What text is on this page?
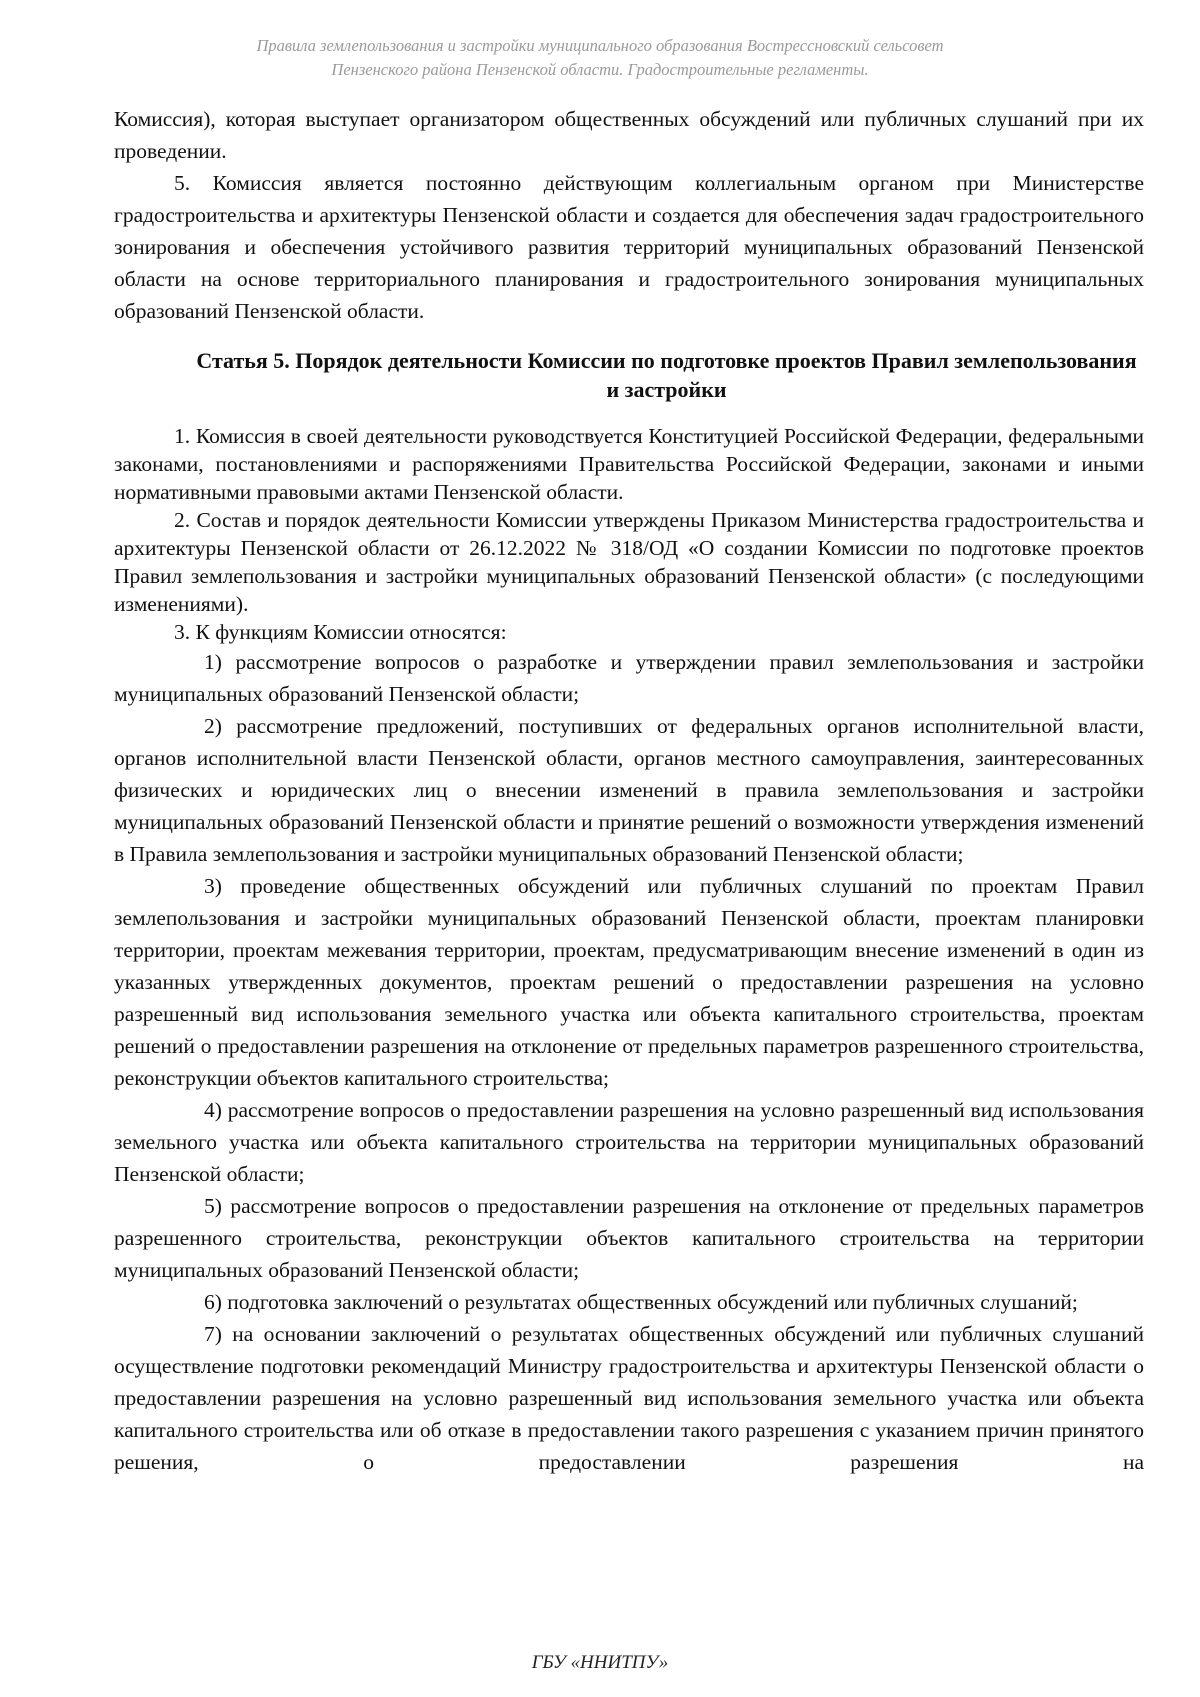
Правила землепользования и застройки муниципального образования Вострессновский сельсовет
Пензенского района Пензенской области. Градостроительные регламенты.

Комиссия), которая выступает организатором общественных обсуждений или публичных слушаний при их проведении.

5. Комиссия является постоянно действующим коллегиальным органом при Министерстве градостроительства и архитектуры Пензенской области и создается для обеспечения задач градостроительного зонирования и обеспечения устойчивого развития территорий муниципальных образований Пензенской области на основе территориального планирования и градостроительного зонирования муниципальных образований Пензенской области.

Статья 5. Порядок деятельности Комиссии по подготовке проектов Правил землепользования и застройки

1. Комиссия в своей деятельности руководствуется Конституцией Российской Федерации, федеральными законами, постановлениями и распоряжениями Правительства Российской Федерации, законами и иными нормативными правовыми актами Пензенской области.

2. Состав и порядок деятельности Комиссии утверждены Приказом Министерства градостроительства и архитектуры Пензенской области от 26.12.2022 № 318/ОД «О создании Комиссии по подготовке проектов Правил землепользования и застройки муниципальных образований Пензенской области» (с последующими изменениями).

3. К функциям Комиссии относятся:

1) рассмотрение вопросов о разработке и утверждении правил землепользования и застройки муниципальных образований Пензенской области;

2) рассмотрение предложений, поступивших от федеральных органов исполнительной власти, органов исполнительной власти Пензенской области, органов местного самоуправления, заинтересованных физических и юридических лиц о внесении изменений в правила землепользования и застройки муниципальных образований Пензенской области и принятие решений о возможности утверждения изменений в Правила землепользования и застройки муниципальных образований Пензенской области;

3) проведение общественных обсуждений или публичных слушаний по проектам Правил землепользования и застройки муниципальных образований Пензенской области, проектам планировки территории, проектам межевания территории, проектам, предусматривающим внесение изменений в один из указанных утвержденных документов, проектам решений о предоставлении разрешения на условно разрешенный вид использования земельного участка или объекта капитального строительства, проектам решений о предоставлении разрешения на отклонение от предельных параметров разрешенного строительства, реконструкции объектов капитального строительства;

4) рассмотрение вопросов о предоставлении разрешения на условно разрешенный вид использования земельного участка или объекта капитального строительства на территории муниципальных образований Пензенской области;

5) рассмотрение вопросов о предоставлении разрешения на отклонение от предельных параметров разрешенного строительства, реконструкции объектов капитального строительства на территории муниципальных образований Пензенской области;

6) подготовка заключений о результатах общественных обсуждений или публичных слушаний;

7) на основании заключений о результатах общественных обсуждений или публичных слушаний осуществление подготовки рекомендаций Министру градостроительства и архитектуры Пензенской области о предоставлении разрешения на условно разрешенный вид использования земельного участка или объекта капитального строительства или об отказе в предоставлении такого разрешения с указанием причин принятого решения, о предоставлении разрешения на

ГБУ «ННИТПУ»
